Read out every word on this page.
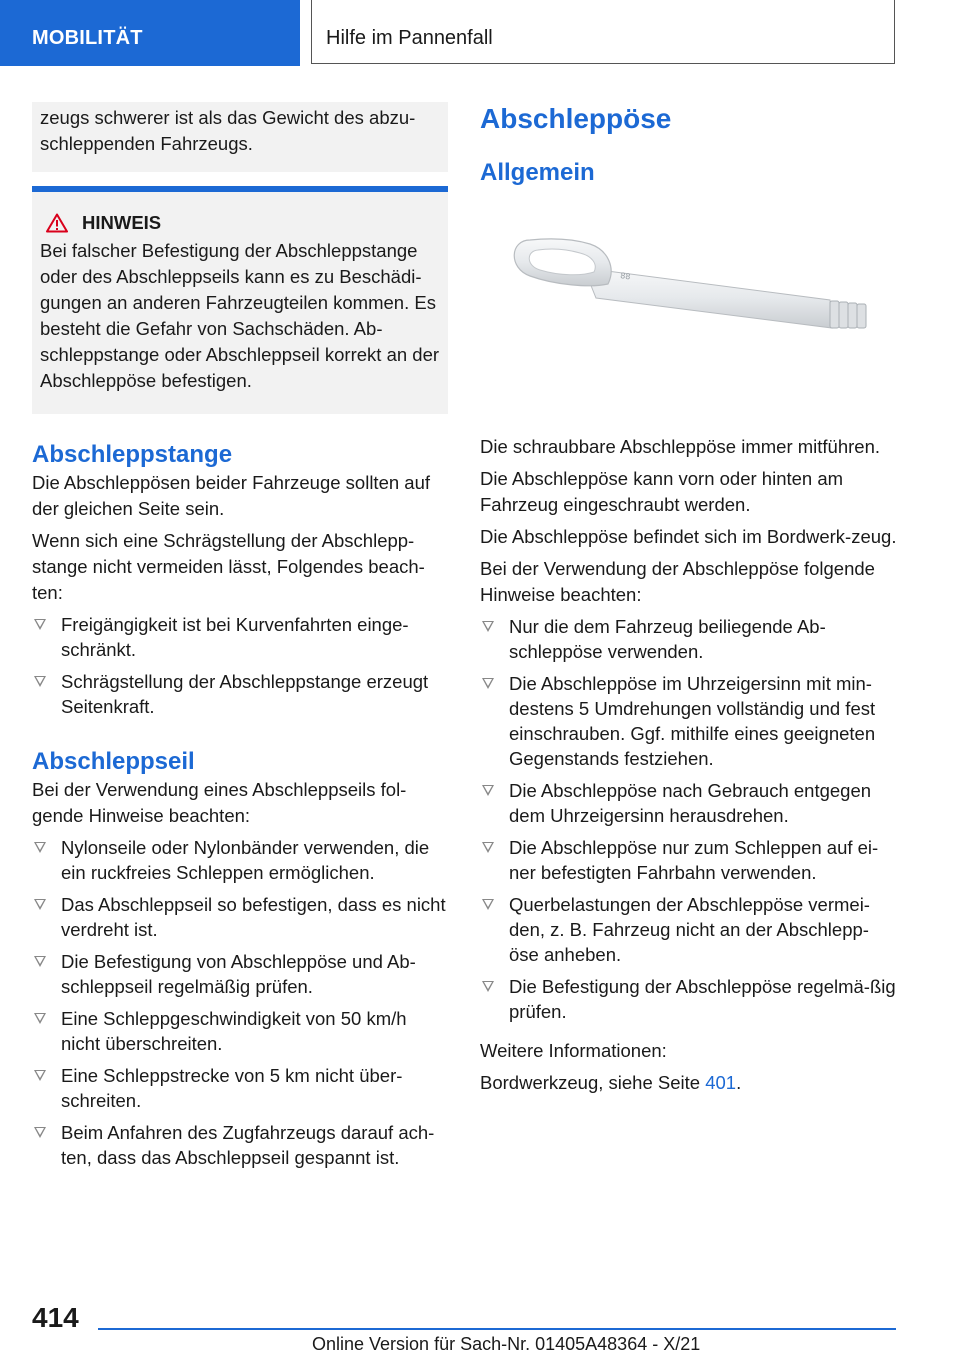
MOBILITÄT	Hilfe im Pannenfall

zeugs schwerer ist als das Gewicht des abzu-
schleppenden Fahrzeugs.

HINWEIS

Bei falscher Befestigung der Abschleppstange oder des Abschleppseils kann es zu Beschädi-gungen an anderen Fahrzeugteilen kommen. Es besteht die Gefahr von Sachschäden. Ab-schleppstange oder Abschleppseil korrekt an der Abschleppöse befestigen.

Abschleppstange

Die Abschleppösen beider Fahrzeuge sollten auf der gleichen Seite sein.

Wenn sich eine Schrägstellung der Abschlepp-stange nicht vermeiden lässt, Folgendes beach-ten:

Freigängigkeit ist bei Kurvenfahrten einge-schränkt.
Schrägstellung der Abschleppstange erzeugt Seitenkraft.
Abschleppseil

Bei der Verwendung eines Abschleppseils fol-gende Hinweise beachten:

Nylonseile oder Nylonbänder verwenden, die ein ruckfreies Schleppen ermöglichen.
Das Abschleppseil so befestigen, dass es nicht verdreht ist.
Die Befestigung von Abschleppöse und Ab-schleppseil regelmäßig prüfen.
Eine Schleppgeschwindigkeit von 50 km/h nicht überschreiten.
Eine Schleppstrecke von 5 km nicht über-schreiten.
Beim Anfahren des Zugfahrzeugs darauf ach-ten, dass das Abschleppseil gespannt ist.
Abschleppöse
Allgemein
88

Die schraubbare Abschleppöse immer mitführen.

Die Abschleppöse kann vorn oder hinten am Fahrzeug eingeschraubt werden.

Die Abschleppöse befindet sich im Bordwerk-zeug.

Bei der Verwendung der Abschleppöse folgende Hinweise beachten:

Nur die dem Fahrzeug beiliegende Ab-schleppöse verwenden.
Die Abschleppöse im Uhrzeigersinn mit min-destens 5 Umdrehungen vollständig und fest einschrauben. Ggf. mithilfe eines geeigneten Gegenstands festziehen.
Die Abschleppöse nach Gebrauch entgegen dem Uhrzeigersinn herausdrehen.
Die Abschleppöse nur zum Schleppen auf ei-ner befestigten Fahrbahn verwenden.
Querbelastungen der Abschleppöse vermei-den, z. B. Fahrzeug nicht an der Abschlepp-öse anheben.
Die Befestigung der Abschleppöse regelmä-ßig prüfen.

Weitere Informationen:

Bordwerkzeug, siehe Seite 401.

414
Online Version für Sach-Nr. 01405A48364 - X/21
